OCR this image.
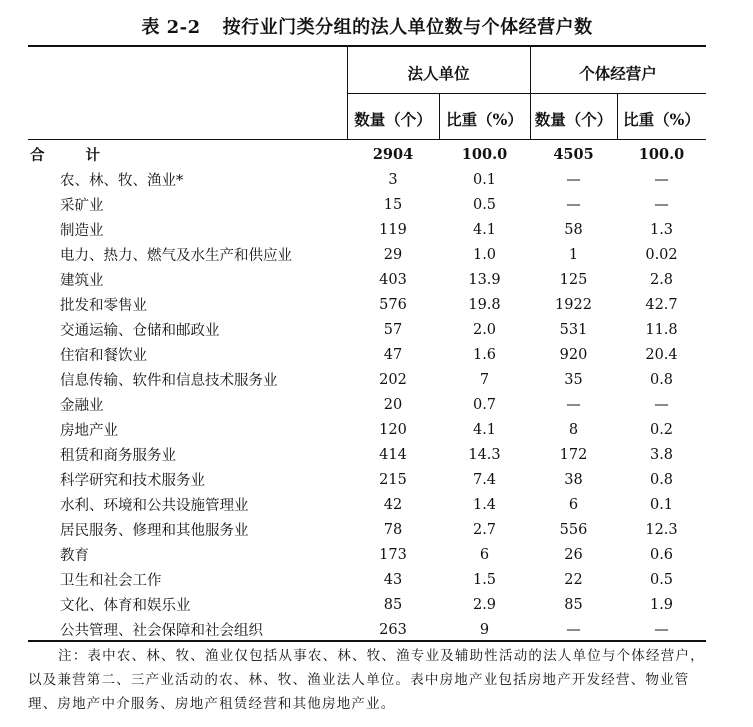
表 2-2 按行业门类分组的法人单位数与个体经营户数
法人单位	个体经营户
数量（个） 比重（%） 数量（个） 比重（%）
合 计	2904	100.0	4505	100.0
农、林、牧、渔业*	3	0.1	—	—
采矿业	15	0.5	—	—
制造业	119	4.1	58	1.3
电力、热力、燃气及水生产和供应业	29	1.0	1	0.02
建筑业	403	13.9	125	2.8
批发和零售业	576	19.8	1922	42.7
交通运输、仓储和邮政业	57	2.0	531	11.8
住宿和餐饮业	47	1.6	920	20.4
信息传输、软件和信息技术服务业	202	7	35	0.8
金融业	20	0.7	—	—
房地产业	120	4.1	8	0.2
租赁和商务服务业	414	14.3	172	3.8
科学研究和技术服务业	215	7.4	38	0.8
水利、环境和公共设施管理业	42	1.4	6	0.1
居民服务、修理和其他服务业	78	2.7	556	12.3
教育	173	6	26	0.6
卫生和社会工作	43	1.5	22	0.5
文化、体育和娱乐业	85	2.9	85	1.9
公共管理、社会保障和社会组织	263	9	—	—
注：表中农、林、牧、渔业仅包括从事农、林、牧、渔专业及辅助性活动的法人单位与个体经营户，以及兼营第二、三产业活动的农、林、牧、渔业法人单位。表中房地产业包括房地产开发经营、物业管理、房地产中介服务、房地产租赁经营和其他房地产业。
